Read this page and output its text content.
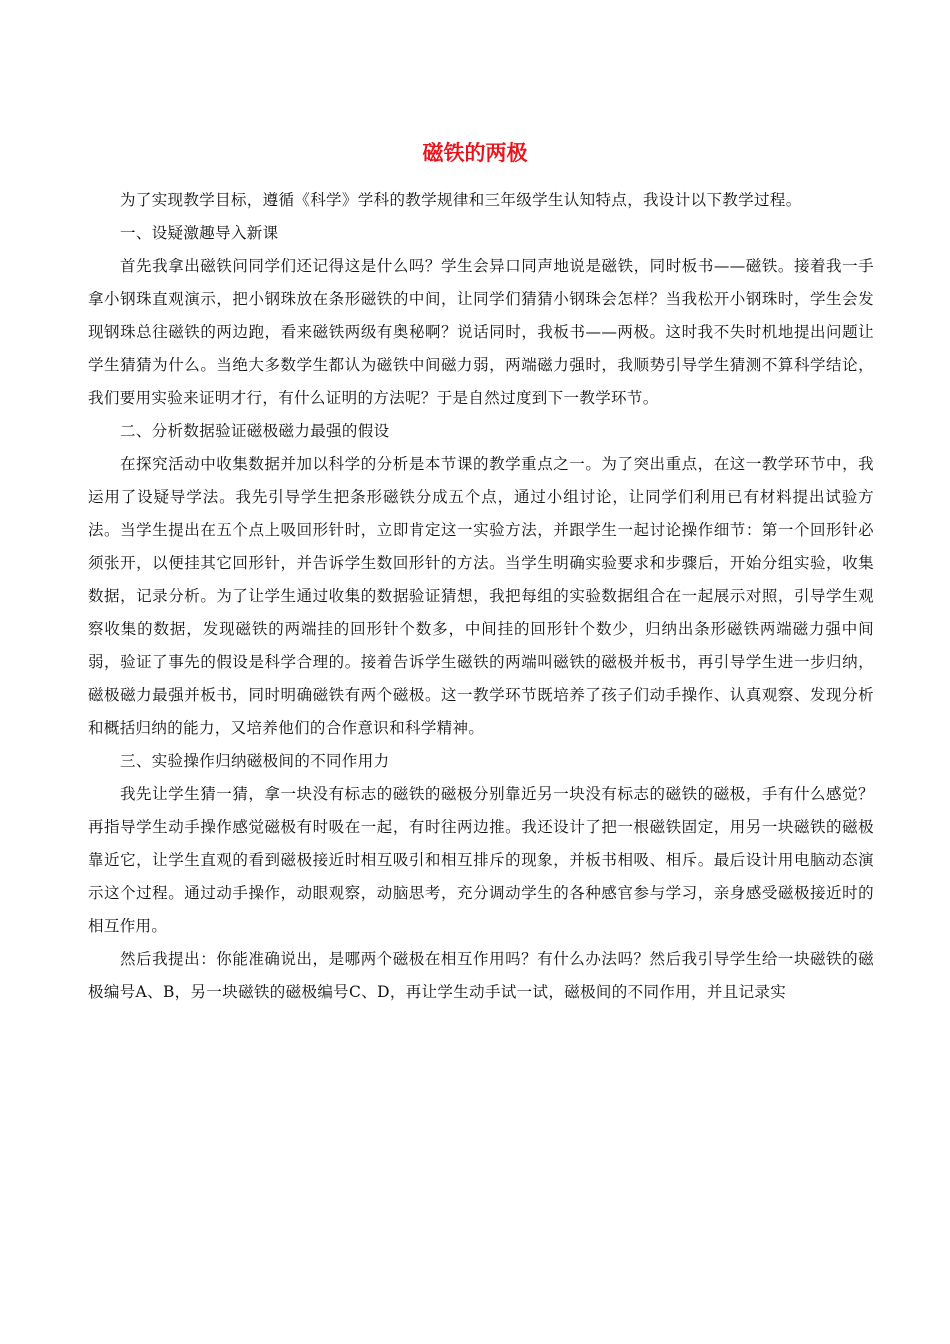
磁铁的两极

为了实现教学目标，遵循《科学》学科的教学规律和三年级学生认知特点，我设计以下教学过程。

一、设疑激趣导入新课

首先我拿出磁铁问同学们还记得这是什么吗？学生会异口同声地说是磁铁，同时板书——磁铁。接着我一手拿小钢珠直观演示，把小钢珠放在条形磁铁的中间，让同学们猜猜小钢珠会怎样？当我松开小钢珠时，学生会发现钢珠总往磁铁的两边跑，看来磁铁两级有奥秘啊？说话同时，我板书——两极。这时我不失时机地提出问题让学生猜猜为什么。当绝大多数学生都认为磁铁中间磁力弱，两端磁力强时，我顺势引导学生猜测不算科学结论，我们要用实验来证明才行，有什么证明的方法呢？于是自然过度到下一教学环节。

二、分析数据验证磁极磁力最强的假设

在探究活动中收集数据并加以科学的分析是本节课的教学重点之一。为了突出重点，在这一教学环节中，我运用了设疑导学法。我先引导学生把条形磁铁分成五个点，通过小组讨论，让同学们利用已有材料提出试验方法。当学生提出在五个点上吸回形针时，立即肯定这一实验方法，并跟学生一起讨论操作细节：第一个回形针必须张开，以便挂其它回形针，并告诉学生数回形针的方法。当学生明确实验要求和步骤后，开始分组实验，收集数据，记录分析。为了让学生通过收集的数据验证猜想，我把每组的实验数据组合在一起展示对照，引导学生观察收集的数据，发现磁铁的两端挂的回形针个数多，中间挂的回形针个数少，归纳出条形磁铁两端磁力强中间弱，验证了事先的假设是科学合理的。接着告诉学生磁铁的两端叫磁铁的磁极并板书，再引导学生进一步归纳，磁极磁力最强并板书，同时明确磁铁有两个磁极。这一教学环节既培养了孩子们动手操作、认真观察、发现分析和概括归纳的能力，又培养他们的合作意识和科学精神。

三、实验操作归纳磁极间的不同作用力

我先让学生猜一猜，拿一块没有标志的磁铁的磁极分别靠近另一块没有标志的磁铁的磁极，手有什么感觉？再指导学生动手操作感觉磁极有时吸在一起，有时往两边推。我还设计了把一根磁铁固定，用另一块磁铁的磁极靠近它，让学生直观的看到磁极接近时相互吸引和相互排斥的现象，并板书相吸、相斥。最后设计用电脑动态演示这个过程。通过动手操作，动眼观察，动脑思考，充分调动学生的各种感官参与学习，亲身感受磁极接近时的相互作用。

然后我提出：你能准确说出，是哪两个磁极在相互作用吗？有什么办法吗？然后我引导学生给一块磁铁的磁极编号A、B，另一块磁铁的磁极编号C、D，再让学生动手试一试，磁极间的不同作用，并且记录实
